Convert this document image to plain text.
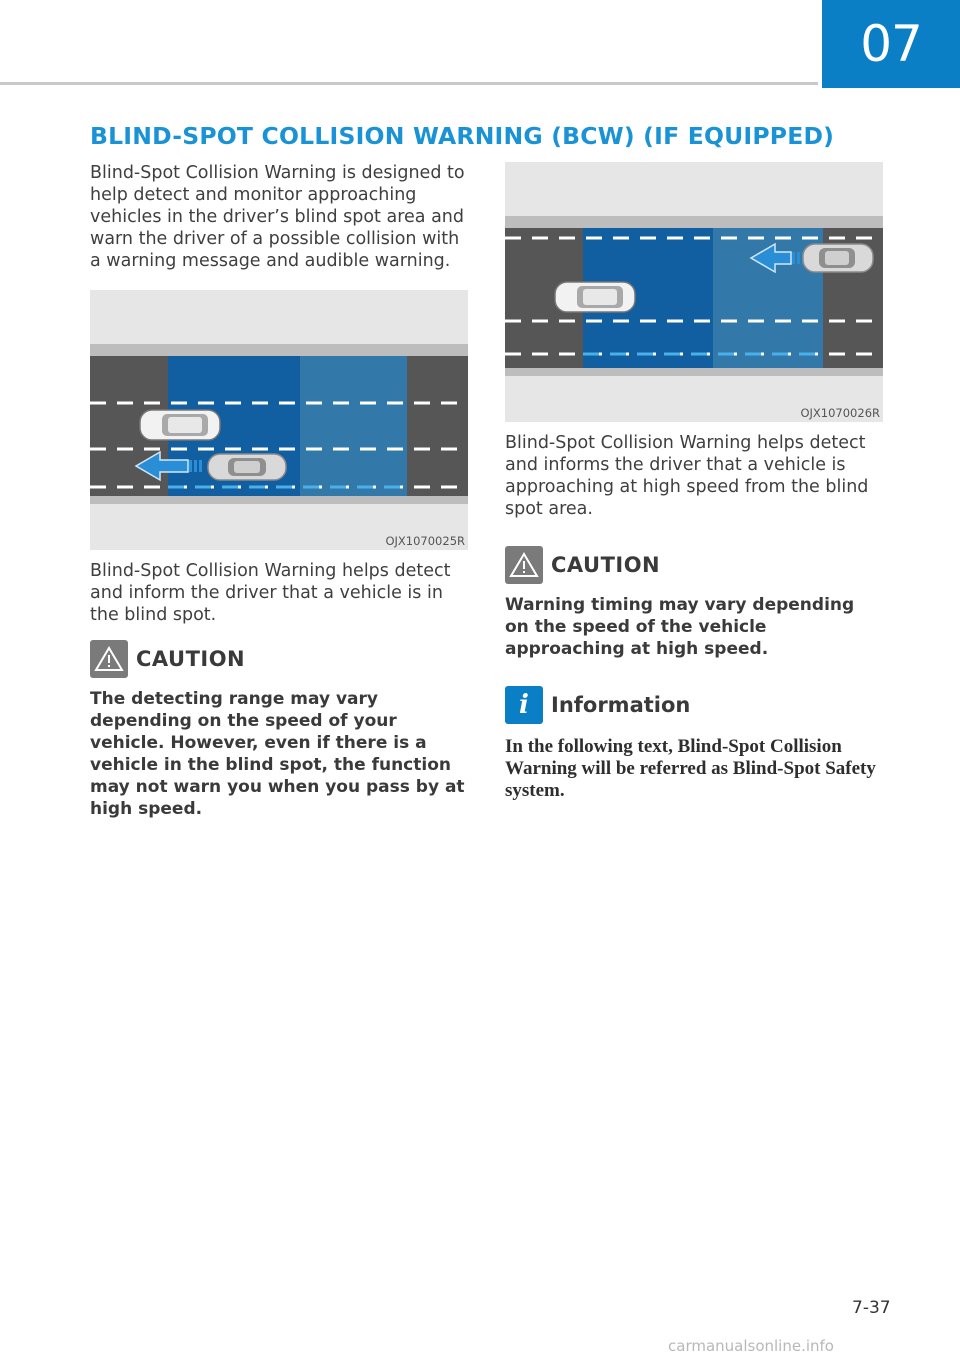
07
BLIND-SPOT COLLISION WARNING (BCW) (IF EQUIPPED)

Blind-Spot Collision Warning is designed to help detect and monitor approaching vehicles in the driver’s blind spot area and warn the driver of a possible collision with a warning message and audible warning.

OJX1070025R

Blind-Spot Collision Warning helps detect and inform the driver that a vehicle is in the blind spot.

CAUTION

The detecting range may vary depending on the speed of your vehicle. However, even if there is a vehicle in the blind spot, the function may not warn you when you pass by at high speed.

OJX1070026R

Blind-Spot Collision Warning helps detect and informs the driver that a vehicle is approaching at high speed from the blind spot area.

CAUTION

Warning timing may vary depending on the speed of the vehicle approaching at high speed.

i	Information

In the following text, Blind-Spot Collision Warning will be referred as Blind-Spot Safety system.

7-37
carmanualsonline.info
